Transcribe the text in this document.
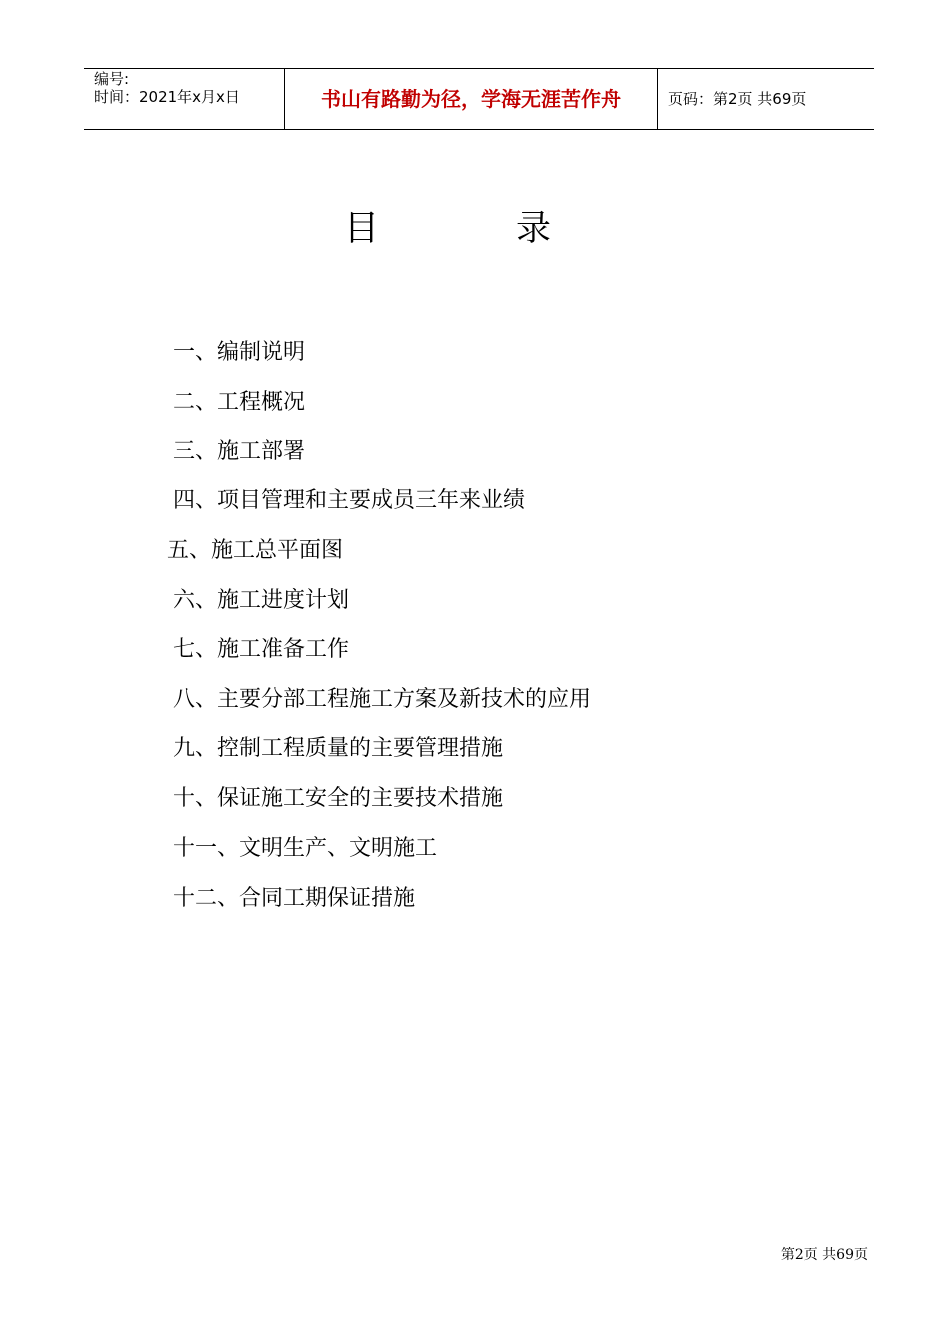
编号:
时间：2021年x月x日	书山有路勤为径，学海无涯苦作舟	页码：第2页 共69页
目	录
一、编制说明
二、工程概况
三、施工部署
四、项目管理和主要成员三年来业绩
五、施工总平面图
六、施工进度计划
七、施工准备工作
八、主要分部工程施工方案及新技术的应用
九、控制工程质量的主要管理措施
十、保证施工安全的主要技术措施
十一、文明生产、文明施工
十二、合同工期保证措施
第2页 共69页
